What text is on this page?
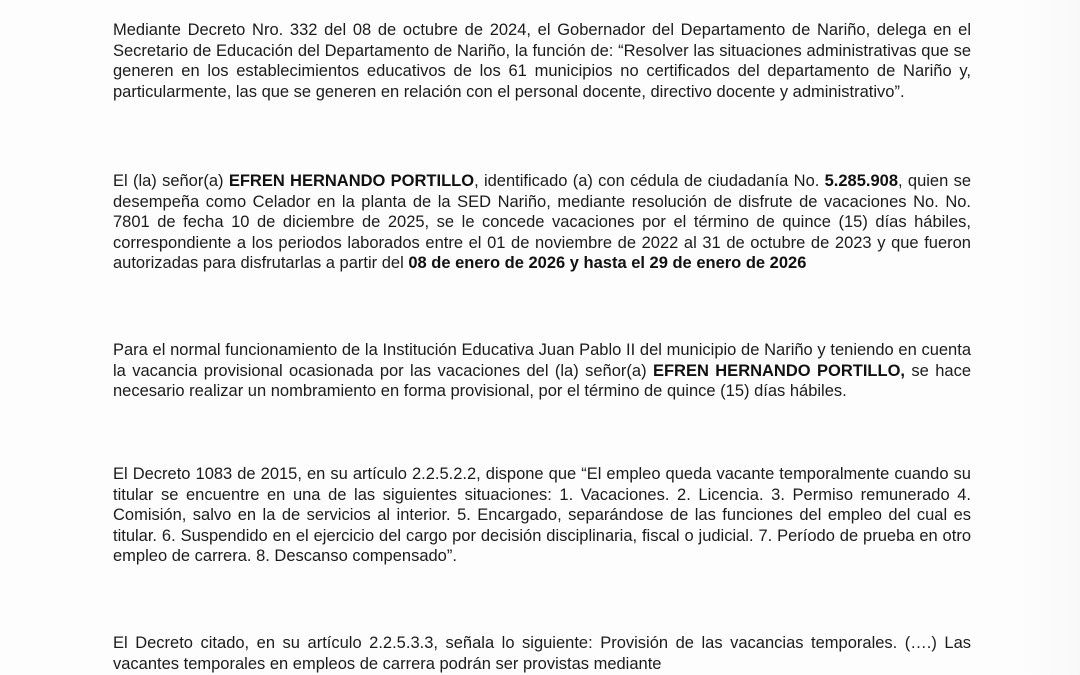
Mediante Decreto Nro. 332 del 08 de octubre de 2024, el Gobernador del Departamento de Nariño, delega en el Secretario de Educación del Departamento de Nariño, la función de: “Resolver las situaciones administrativas que se generen en los establecimientos educativos de los 61 municipios no certificados del departamento de Nariño y, particularmente, las que se generen en relación con el personal docente, directivo docente y administrativo”.
El (la) señor(a) EFREN HERNANDO PORTILLO, identificado (a) con cédula de ciudadanía No. 5.285.908, quien se desempeña como Celador en la planta de la SED Nariño, mediante resolución de disfrute de vacaciones No. No. 7801 de fecha 10 de diciembre de 2025, se le concede vacaciones por el término de quince (15) días hábiles, correspondiente a los periodos laborados entre el 01 de noviembre de 2022 al 31 de octubre de 2023 y que fueron autorizadas para disfrutarlas a partir del 08 de enero de 2026 y hasta el 29 de enero de 2026
Para el normal funcionamiento de la Institución Educativa Juan Pablo II del municipio de Nariño y teniendo en cuenta la vacancia provisional ocasionada por las vacaciones del (la) señor(a) EFREN HERNANDO PORTILLO, se hace necesario realizar un nombramiento en forma provisional, por el término de quince (15) días hábiles.
El Decreto 1083 de 2015, en su artículo 2.2.5.2.2, dispone que “El empleo queda vacante temporalmente cuando su titular se encuentre en una de las siguientes situaciones: 1. Vacaciones. 2. Licencia. 3. Permiso remunerado 4. Comisión, salvo en la de servicios al interior. 5. Encargado, separándose de las funciones del empleo del cual es titular. 6. Suspendido en el ejercicio del cargo por decisión disciplinaria, fiscal o judicial. 7. Período de prueba en otro empleo de carrera. 8. Descanso compensado”.
El Decreto citado, en su artículo 2.2.5.3.3, señala lo siguiente: Provisión de las vacancias temporales. (….) Las vacantes temporales en empleos de carrera podrán ser provistas mediante
